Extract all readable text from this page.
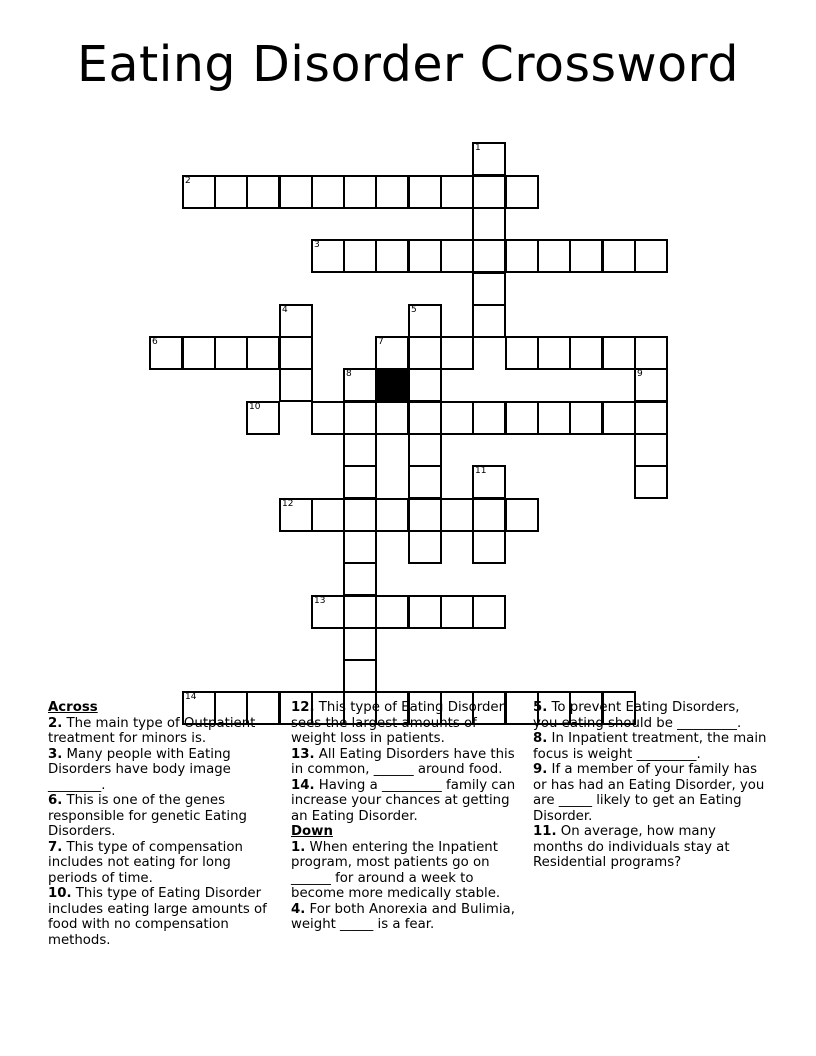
Eating Disorder Crossword
1
2
3
4	5
7
6
8	9
10
11
12
13
14
Across
2. The main type of Outpatient treatment for minors is.
3. Many people with Eating Disorders have body image ________.
6. This is one of the genes responsible for genetic Eating Disorders.
7. This type of compensation includes not eating for long periods of time.
10. This type of Eating Disorder includes eating large amounts of food with no compensation methods.
12. This type of Eating Disorder sees the largest amounts of weight loss in patients.
13. All Eating Disorders have this in common, ______ around food.
14. Having a _________ family can increase your chances at getting an Eating Disorder.
Down
1. When entering the Inpatient program, most patients go on ______ for around a week to become more medically stable.
4. For both Anorexia and Bulimia, weight _____ is a fear.
5. To prevent Eating Disorders, you eating should be _________.
8. In Inpatient treatment, the main focus is weight _________.
9. If a member of your family has or has had an Eating Disorder, you are _____ likely to get an Eating Disorder.
11. On average, how many months do individuals stay at Residential programs?
